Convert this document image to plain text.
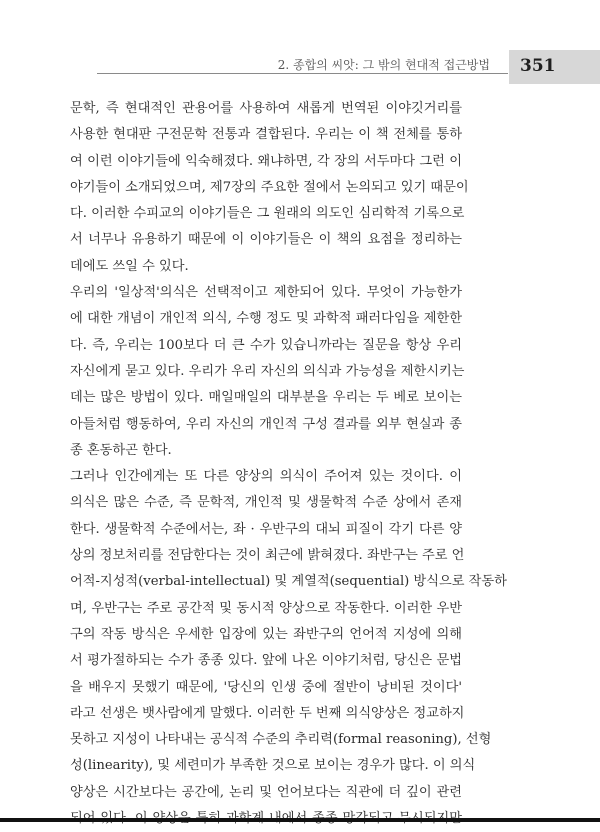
2. 종합의 씨앗: 그 밖의 현대적 접근방법 351
문학, 즉 현대적인 관용어를 사용하여 새롭게 번역된 이야깃거리를
사용한 현대판 구전문학 전통과 결합된다. 우리는 이 책 전체를 통하
여 이런 이야기들에 익숙해졌다. 왜냐하면, 각 장의 서두마다 그런 이
야기들이 소개되었으며, 제7장의 주요한 절에서 논의되고 있기 때문이
다. 이러한 수피교의 이야기들은 그 원래의 의도인 심리학적 기록으로
서 너무나 유용하기 때문에 이 이야기들은 이 책의 요점을 정리하는
데에도 쓰일 수 있다.
우리의 '일상적'의식은 선택적이고 제한되어 있다. 무엇이 가능한가
에 대한 개념이 개인적 의식, 수행 정도 및 과학적 패러다임을 제한한
다. 즉, 우리는 100보다 더 큰 수가 있습니까라는 질문을 항상 우리
자신에게 묻고 있다. 우리가 우리 자신의 의식과 가능성을 제한시키는
데는 많은 방법이 있다. 매일매일의 대부분을 우리는 두 베로 보이는
아들처럼 행동하여, 우리 자신의 개인적 구성 결과를 외부 현실과 종
종 혼동하곤 한다.
그러나 인간에게는 또 다른 양상의 의식이 주어져 있는 것이다. 이
의식은 많은 수준, 즉 문학적, 개인적 및 생물학적 수준 상에서 존재
한다. 생물학적 수준에서는, 좌 · 우반구의 대뇌 피질이 각기 다른 양
상의 정보처리를 전담한다는 것이 최근에 밝혀졌다. 좌반구는 주로 언
어적-지성적(verbal-intellectual) 및 계열적(sequential) 방식으로 작동하
며, 우반구는 주로 공간적 및 동시적 양상으로 작동한다. 이러한 우반
구의 작동 방식은 우세한 입장에 있는 좌반구의 언어적 지성에 의해
서 평가절하되는 수가 종종 있다. 앞에 나온 이야기처럼, 당신은 문법
을 배우지 못했기 때문에, '당신의 인생 중에 절반이 낭비된 것이다'
라고 선생은 뱃사람에게 말했다. 이러한 두 번째 의식양상은 정교하지
못하고 지성이 나타내는 공식적 수준의 추리력(formal reasoning), 선형
성(linearity), 및 세련미가 부족한 것으로 보이는 경우가 많다. 이 의식
양상은 시간보다는 공간에, 논리 및 언어보다는 직관에 더 깊이 관련
